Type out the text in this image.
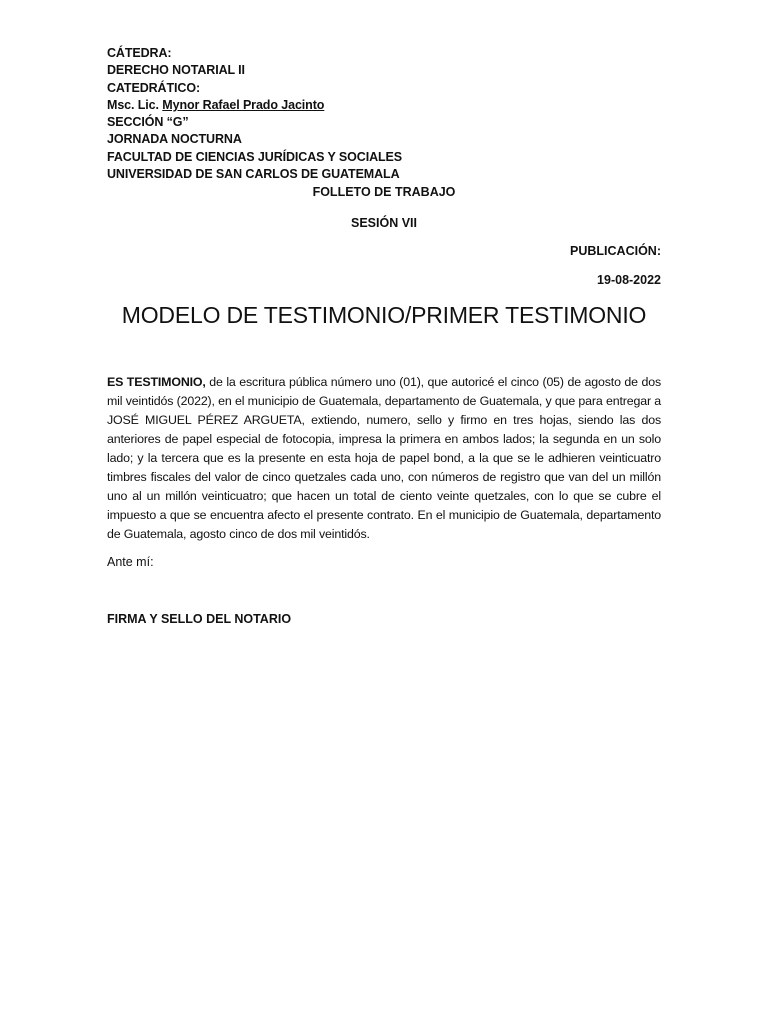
CÁTEDRA:
DERECHO NOTARIAL II
CATEDRÁTICO:
Msc. Lic. Mynor Rafael Prado Jacinto
SECCIÓN “G”
JORNADA NOCTURNA
FACULTAD DE CIENCIAS JURÍDICAS Y SOCIALES
UNIVERSIDAD DE SAN CARLOS DE GUATEMALA
FOLLETO DE TRABAJO
SESIÓN VII
PUBLICACIÓN:
19-08-2022
MODELO DE TESTIMONIO/PRIMER TESTIMONIO
ES TESTIMONIO, de la escritura pública número uno (01), que autoricé el cinco (05) de agosto de dos mil veintidós (2022), en el municipio de Guatemala, departamento de Guatemala, y que para entregar a JOSÉ MIGUEL PÉREZ ARGUETA, extiendo, numero, sello y firmo en tres hojas, siendo las dos anteriores de papel especial de fotocopia, impresa la primera en ambos lados; la segunda en un solo lado; y la tercera que es la presente en esta hoja de papel bond, a la que se le adhieren veinticuatro timbres fiscales del valor de cinco quetzales cada uno, con números de registro que van del un millón uno al un millón veinticuatro; que hacen un total de ciento veinte quetzales, con lo que se cubre el impuesto a que se encuentra afecto el presente contrato. En el municipio de Guatemala, departamento de Guatemala, agosto cinco de dos mil veintidós.
Ante mí:
FIRMA Y SELLO DEL NOTARIO
